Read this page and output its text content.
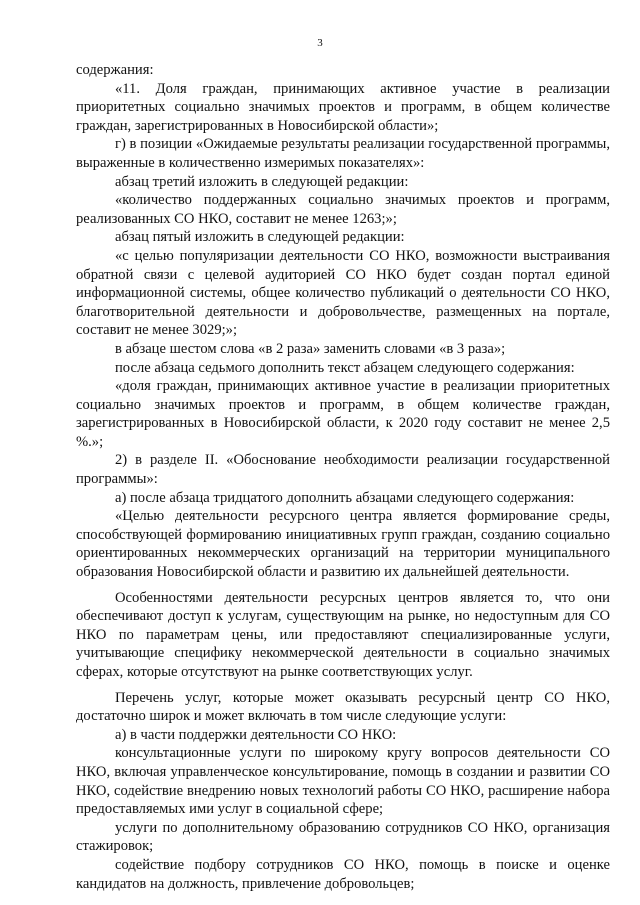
3

содержания:

«11. Доля граждан, принимающих активное участие в реализации приоритетных социально значимых проектов и программ, в общем количестве граждан, зарегистрированных в Новосибирской области»;

г) в позиции «Ожидаемые результаты реализации государственной программы, выраженные в количественно измеримых показателях»:

абзац третий изложить в следующей редакции:

«количество поддержанных социально значимых проектов и программ, реализованных СО НКО, составит не менее 1263;»;

абзац пятый изложить в следующей редакции:

«с целью популяризации деятельности СО НКО, возможности выстраивания обратной связи с целевой аудиторией СО НКО будет создан портал единой информационной системы, общее количество публикаций о деятельности СО НКО, благотворительной деятельности и добровольчестве, размещенных на портале, составит не менее 3029;»;

в абзаце шестом слова «в 2 раза» заменить словами «в 3 раза»;

после абзаца седьмого дополнить текст абзацем следующего содержания:

«доля граждан, принимающих активное участие в реализации приоритетных социально значимых проектов и программ, в общем количестве граждан, зарегистрированных в Новосибирской области, к 2020 году составит не менее 2,5 %.»;

2) в разделе II. «Обоснование необходимости реализации государственной программы»:

а) после абзаца тридцатого дополнить абзацами следующего содержания:

«Целью деятельности ресурсного центра является формирование среды, способствующей формированию инициативных групп граждан, созданию социально ориентированных некоммерческих организаций на территории муниципального образования Новосибирской области и развитию их дальнейшей деятельности.

Особенностями деятельности ресурсных центров является то, что они обеспечивают доступ к услугам, существующим на рынке, но недоступным для СО НКО по параметрам цены, или предоставляют специализированные услуги, учитывающие специфику некоммерческой деятельности в социально значимых сферах, которые отсутствуют на рынке соответствующих услуг.

Перечень услуг, которые может оказывать ресурсный центр СО НКО, достаточно широк и может включать в том числе следующие услуги:

а) в части поддержки деятельности СО НКО:

консультационные услуги по широкому кругу вопросов деятельности СО НКО, включая управленческое консультирование, помощь в создании и развитии СО НКО, содействие внедрению новых технологий работы СО НКО, расширение набора предоставляемых ими услуг в социальной сфере;

услуги по дополнительному образованию сотрудников СО НКО, организация стажировок;

содействие подбору сотрудников СО НКО, помощь в поиске и оценке кандидатов на должность, привлечение добровольцев;
